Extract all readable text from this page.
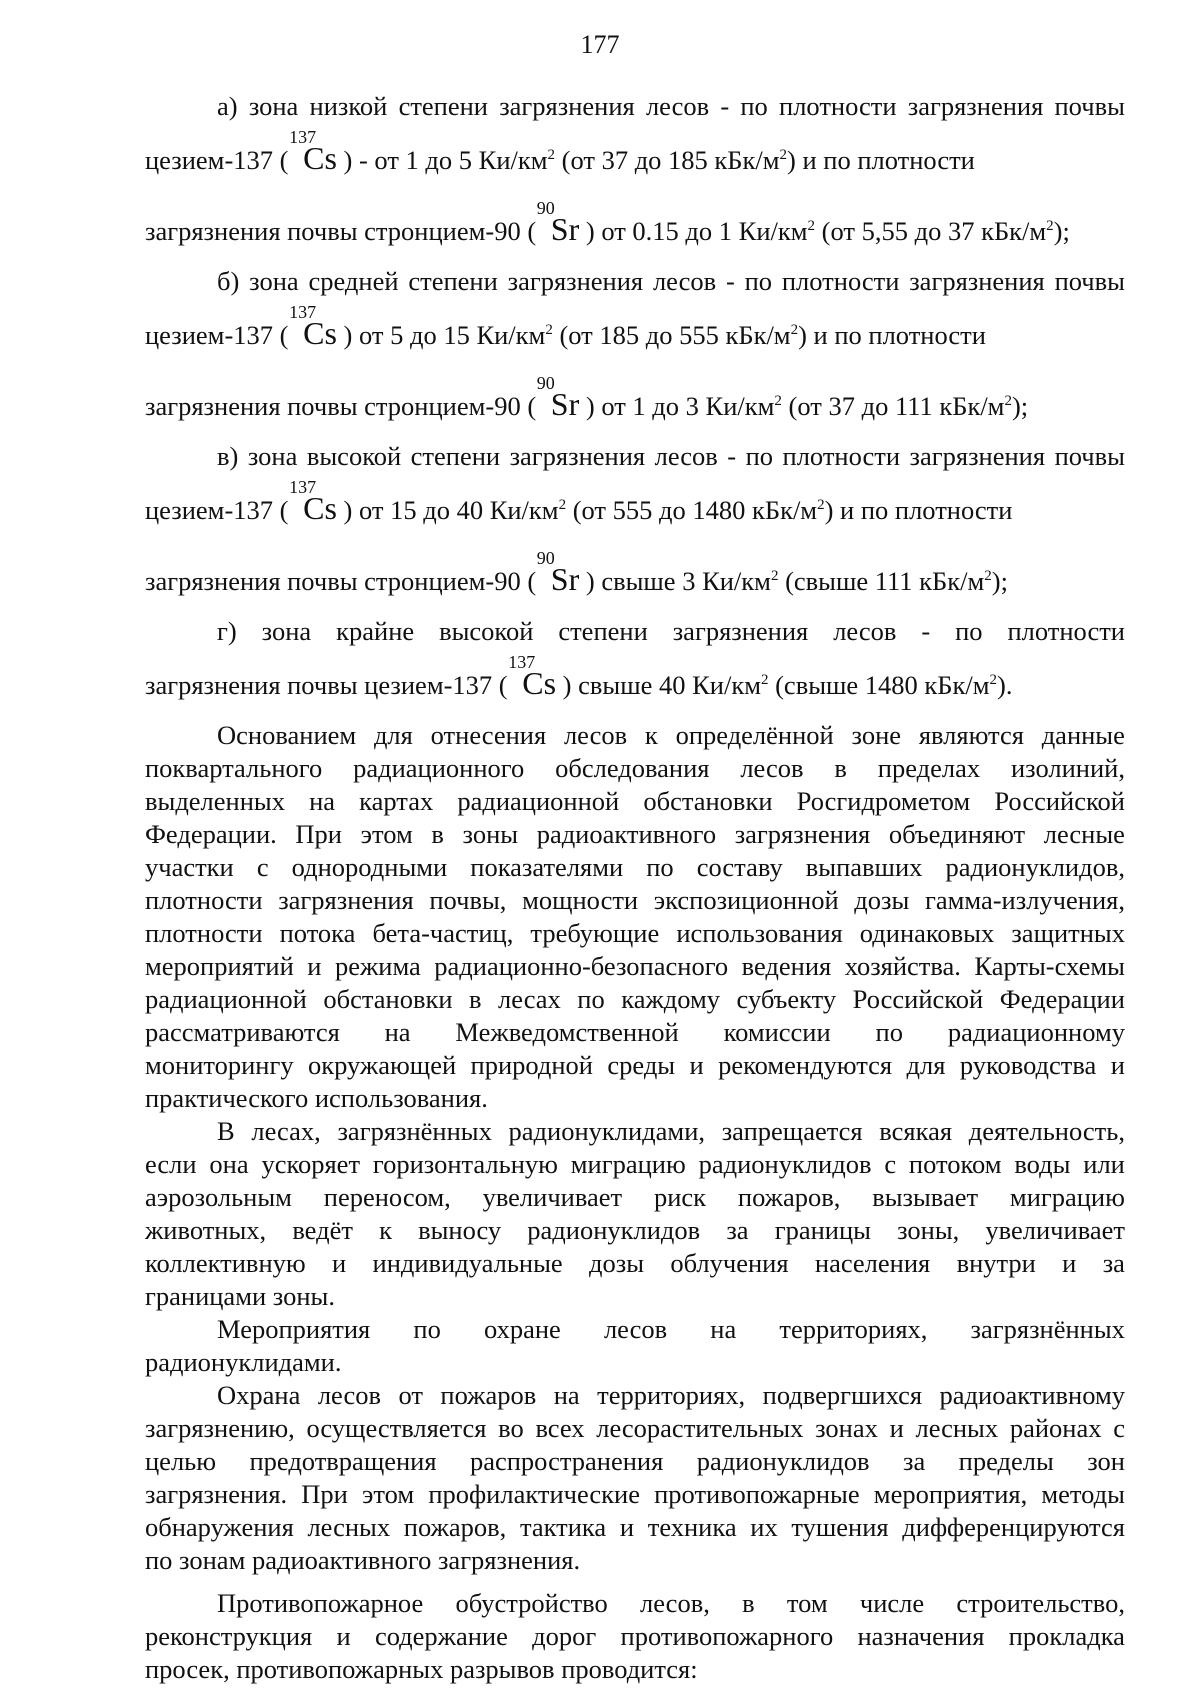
177
а) зона низкой степени загрязнения лесов - по плотности загрязнения почвы
цезием-137 (
137
Cs ) - от 1 до 5 $Ки/км^2$ (от 37 до 185 кБк/$м^2$) и по плотности
загрязнения почвы стронцием-90 (
90
Sr ) от 0.15 до 1 $Ки/км^2$ (от 5,55 до 37 кБк/$м^2$);
б) зона средней степени загрязнения лесов - по плотности загрязнения почвы
цезием-137 (
137
Cs ) от 5 до 15 $Ки/км^2$ (от 185 до 555 кБк/$м^2$) и по плотности
загрязнения почвы стронцием-90 (
90
Sr ) от 1 до 3 $Ки/км^2$ (от 37 до 111 кБк/$м^2$);
в) зона высокой степени загрязнения лесов - по плотности загрязнения почвы
цезием-137 (
137
Cs ) от 15 до 40 $Ки/км^2$ (от 555 до 1480 кБк/$м^2$) и по плотности
загрязнения почвы стронцием-90 (
90
Sr ) свыше 3 $Ки/км^2$ (свыше 111 кБк/$м^2$);
г) зона крайне высокой степени загрязнения лесов - по плотности
загрязнения почвы цезием-137 (
137
Cs ) свыше 40 $Ки/км^2$ (свыше 1480 кБк/$м^2$).
Основанием для отнесения лесов к определённой зоне являются данные
поквартального радиационного обследования лесов в пределах изолиний,
выделенных на картах радиационной обстановки Росгидрометом Российской
Федерации. При этом в зоны радиоактивного загрязнения объединяют лесные
участки с однородными показателями по составу выпавших радионуклидов,
плотности загрязнения почвы, мощности экспозиционной дозы гамма-излучения,
плотности потока бета-частиц, требующие использования одинаковых защитных
мероприятий и режима радиационно-безопасного ведения хозяйства. Карты-схемы
радиационной обстановки в лесах по каждому субъекту Российской Федерации
рассматриваются на Межведомственной комиссии по радиационному
мониторингу окружающей природной среды и рекомендуются для руководства и
практического использования.
В лесах, загрязнённых радионуклидами, запрещается всякая деятельность,
если она ускоряет горизонтальную миграцию радионуклидов с потоком воды или
аэрозольным переносом, увеличивает риск пожаров, вызывает миграцию
животных, ведёт к выносу радионуклидов за границы зоны, увеличивает
коллективную и индивидуальные дозы облучения населения внутри и за
границами зоны.
Мероприятия по охране лесов на территориях, загрязнённых
радионуклидами.
Охрана лесов от пожаров на территориях, подвергшихся радиоактивному
загрязнению, осуществляется во всех лесорастительных зонах и лесных районах с
целью предотвращения распространения радионуклидов за пределы зон
загрязнения. При этом профилактические противопожарные мероприятия, методы
обнаружения лесных пожаров, тактика и техника их тушения дифференцируются
по зонам радиоактивного загрязнения.
Противопожарное обустройство лесов, в том числе строительство,
реконструкция и содержание дорог противопожарного назначения прокладка
просек, противопожарных разрывов проводится:
